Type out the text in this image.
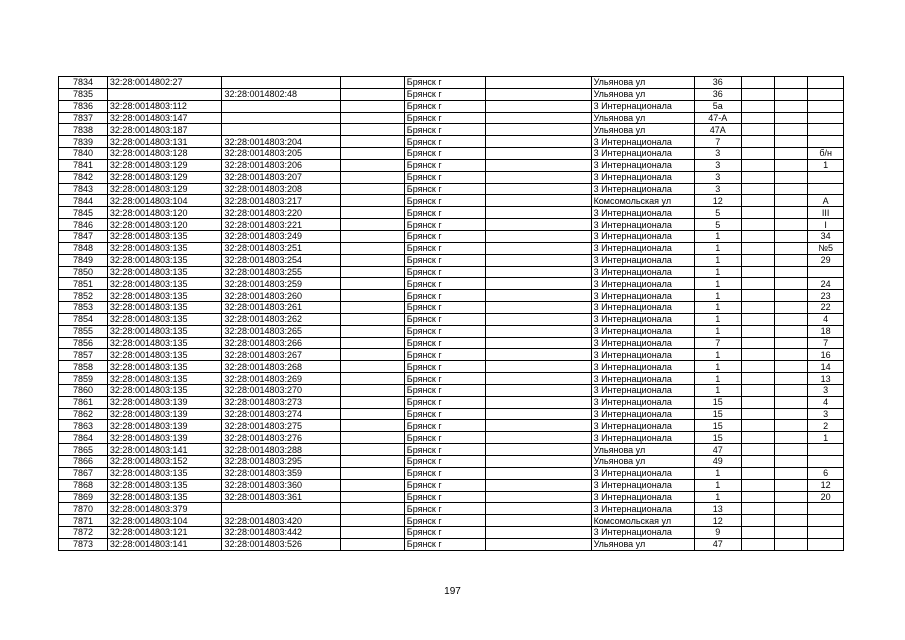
7834	32:28:0014802:27			Брянск г		Ульянова ул	36			
7835		32:28:0014802:48		Брянск г		Ульянова ул	36			
7836	32:28:0014803:112			Брянск г		3 Интернационала	5а			
7837	32:28:0014803:147			Брянск г		Ульянова ул	47-А			
7838	32:28:0014803:187			Брянск г		Ульянова ул	47А			
7839	32:28:0014803:131	32:28:0014803:204		Брянск г		3 Интернационала	7			
7840	32:28:0014803:128	32:28:0014803:205		Брянск г		3 Интернационала	3			б/н
7841	32:28:0014803:129	32:28:0014803:206		Брянск г		3 Интернационала	3			1
7842	32:28:0014803:129	32:28:0014803:207		Брянск г		3 Интернационала	3			
7843	32:28:0014803:129	32:28:0014803:208		Брянск г		3 Интернационала	3			
7844	32:28:0014803:104	32:28:0014803:217		Брянск г		Комсомольская ул	12			А
7845	32:28:0014803:120	32:28:0014803:220		Брянск г		3 Интернационала	5			III
7846	32:28:0014803:120	32:28:0014803:221		Брянск г		3 Интернационала	5			I
7847	32:28:0014803:135	32:28:0014803:249		Брянск г		3 Интернационала	1			34
7848	32:28:0014803:135	32:28:0014803:251		Брянск г		3 Интернационала	1			№5
7849	32:28:0014803:135	32:28:0014803:254		Брянск г		3 Интернационала	1			29
7850	32:28:0014803:135	32:28:0014803:255		Брянск г		3 Интернационала	1			
7851	32:28:0014803:135	32:28:0014803:259		Брянск г		3 Интернационала	1			24
7852	32:28:0014803:135	32:28:0014803:260		Брянск г		3 Интернационала	1			23
7853	32:28:0014803:135	32:28:0014803:261		Брянск г		3 Интернационала	1			22
7854	32:28:0014803:135	32:28:0014803:262		Брянск г		3 Интернационала	1			4
7855	32:28:0014803:135	32:28:0014803:265		Брянск г		3 Интернационала	1			18
7856	32:28:0014803:135	32:28:0014803:266		Брянск г		3 Интернационала	7			7
7857	32:28:0014803:135	32:28:0014803:267		Брянск г		3 Интернационала	1			16
7858	32:28:0014803:135	32:28:0014803:268		Брянск г		3 Интернационала	1			14
7859	32:28:0014803:135	32:28:0014803:269		Брянск г		3 Интернационала	1			13
7860	32:28:0014803:135	32:28:0014803:270		Брянск г		3 Интернационала	1			3
7861	32:28:0014803:139	32:28:0014803:273		Брянск г		3 Интернационала	15			4
7862	32:28:0014803:139	32:28:0014803:274		Брянск г		3 Интернационала	15			3
7863	32:28:0014803:139	32:28:0014803:275		Брянск г		3 Интернационала	15			2
7864	32:28:0014803:139	32:28:0014803:276		Брянск г		3 Интернационала	15			1
7865	32:28:0014803:141	32:28:0014803:288		Брянск г		Ульянова ул	47			
7866	32:28:0014803:152	32:28:0014803:295		Брянск г		Ульянова ул	49			
7867	32:28:0014803:135	32:28:0014803:359		Брянск г		3 Интернационала	1			6
7868	32:28:0014803:135	32:28:0014803:360		Брянск г		3 Интернационала	1			12
7869	32:28:0014803:135	32:28:0014803:361		Брянск г		3 Интернационала	1			20
7870	32:28:0014803:379			Брянск г		3 Интернационала	13			
7871	32:28:0014803:104	32:28:0014803:420		Брянск г		Комсомольская ул	12			
7872	32:28:0014803:121	32:28:0014803:442		Брянск г		3 Интернационала	9			
7873	32:28:0014803:141	32:28:0014803:526		Брянск г		Ульянова ул	47			
197
